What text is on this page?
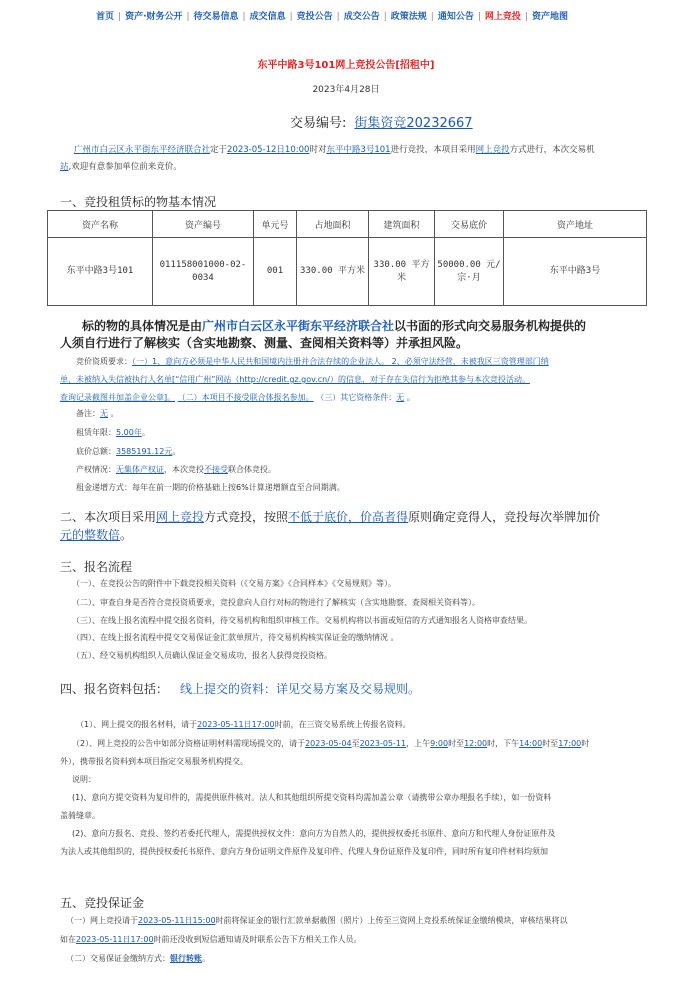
首页 | 资产·财务公开 | 待交易信息 | 成交信息 | 竞投公告 | 成交公告 | 政策法规 | 通知公告 | 网上竞投 | 资产地图
东平中路3号101网上竞投公告[招租中]
2023年4月28日
交易编号: 街集资竞20232667
广州市白云区永平街东平经济联合社定于2023-05-12日10:00时对东平中路3号101进行竞投，本项目采用网上竞投方式进行，本次交易机
站,欢迎有意参加单位前来竞价。
一、竞投租赁标的物基本情况
资产名称	资产编号	单元号	占地面积	建筑面积	交易底价	资产地址
东平中路3号101	011158001000-02-0034	001	330.00 平方米	330.00 平方米	50000.00 元/宗·月	东平中路3号
标的物的具体情况是由广州市白云区永平街东平经济联合社以书面的形式向交易服务机构提供的
人须自行进行了解核实（含实地勘察、测量、查阅相关资料等）并承担风险。
竞价资质要求：（一）1、意向方必须是中华人民共和国境内注册并合法存续的企业法人。 2、必须守法经营，未被我区三资管理部门纳
单、未被纳入失信被执行人名单[“信用广州”网站（http://credit.gz.gov.cn/）的信息，对于存在失信行为拒绝其参与本次竞投活动。
查询记录截图并加盖企业公章]。 （二）本项目不接受联合体报名参加。 （三）其它资格条件：无 。
备注：无 。
租赁年限：5.00年。
底价总额：3585191.12元。
产权情况：无集体产权证，本次竞投不接受联合体竞投。
租金递增方式：每年在前一期的价格基础上按6%计算递增额直至合同期满。
二、本次项目采用网上竞投方式竞投，按照不低于底价，价高者得原则确定竞得人，竞投每次举牌加价
元的整数倍。
三、报名流程
（一）、在竞投公告的附件中下载竞投相关资料（《交易方案》《合同样本》《交易规则》等）。
（二）、审查自身是否符合竞投资质要求，竞投意向人自行对标的物进行了解核实（含实地勘察、查阅相关资料等）。
（三）、在线上报名流程中提交报名资料，待交易机构和组织审核工作。交易机构将以书面或短信的方式通知报名人资格审查结果。
（四）、在线上报名流程中提交交易保证金汇款单照片，待交易机构核实保证金的缴纳情况 。
（五）、经交易机构组织人员确认保证金交易成功，报名人获得竞投资格。
四、报名资料包括： 线上提交的资料：详见交易方案及交易规则。
（1）、网上提交的报名材料，请于2023-05-11日17:00时前，在三资交易系统上传报名资料。
（2）、网上竞投的公告中如部分资格证明材料需现场提交的，请于2023-05-04至2023-05-11，上午9:00时至12:00时，下午14:00时至17:00时
外），携带报名资料到本项目指定交易服务机构提交。
说明：
(1)、意向方提交资料为复印件的，需提供原件核对。法人和其他组织所提交资料均需加盖公章（请携带公章办理报名手续），如一份资料
盖骑缝章。
(2)、意向方报名、竞投、签约若委托代理人，需提供授权文件：意向方为自然人的，提供授权委托书原件、意向方和代理人身份证原件及
为法人或其他组织的，提供授权委托书原件、意向方身份证明文件原件及复印件、代理人身份证原件及复印件，同时所有复印件材料均须加
五、竞投保证金
（一）网上竞投请于2023-05-11日15:00时前将保证金的银行汇款单据截图（照片）上传至三资网上竞投系统保证金缴纳模块，审核结果将以
如在2023-05-11日17:00时前还没收到短信通知请及时联系公告下方相关工作人员。
（二）交易保证金缴纳方式：银行转账。
